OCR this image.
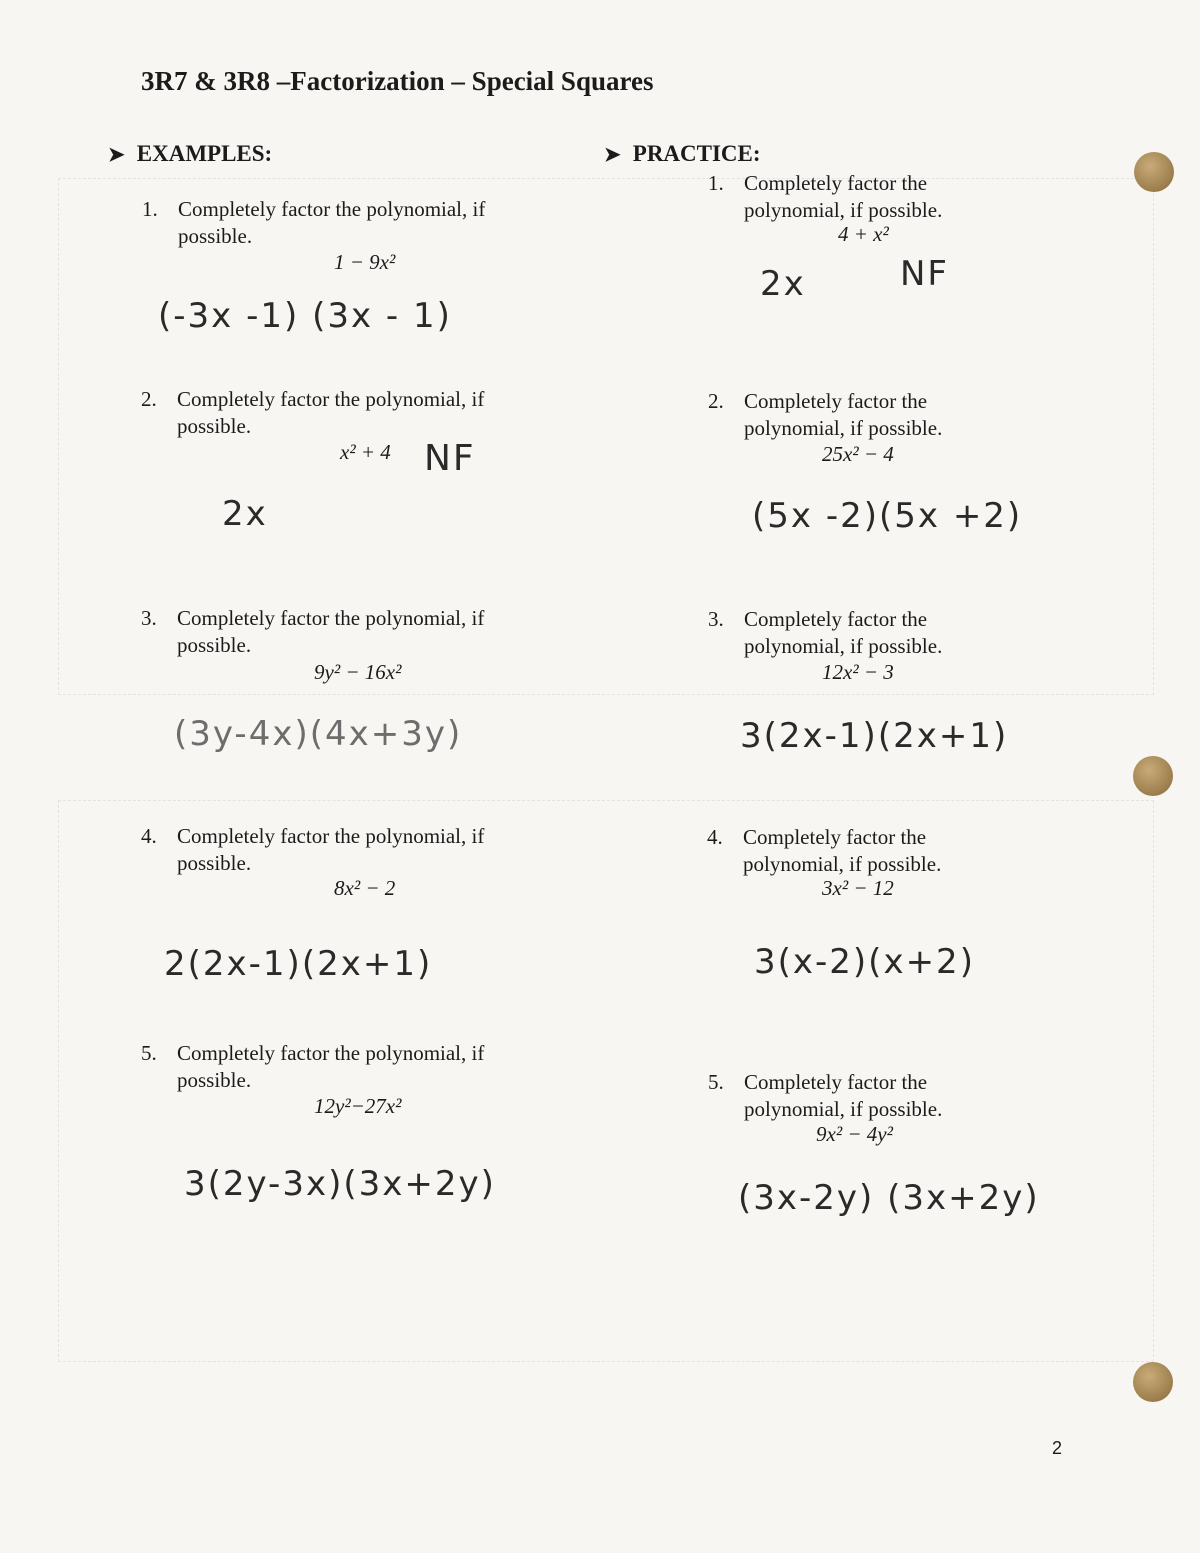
3R7 & 3R8 –Factorization – Special Squares
➤ EXAMPLES:	➤ PRACTICE:
1. Completely factor the polynomial, if possible.
1 − 9x²
(-3x -1) (3x - 1)
2. Completely factor the polynomial, if possible.
x² + 4 NF
2x
3. Completely factor the polynomial, if possible.
9y² − 16x²
(3y-4x)(4x+3y)
4. Completely factor the polynomial, if possible.
8x² − 2
2(2x-1)(2x+1)
5. Completely factor the polynomial, if possible.
12y²−27x²
3(2y-3x)(3x+2y)
1. Completely factor the polynomial, if possible.
4 + x²
2x	NF
2. Completely factor the polynomial, if possible.
25x² − 4
(5x -2)(5x +2)
3. Completely factor the polynomial, if possible.
12x² − 3
3(2x-1)(2x+1)
4. Completely factor the polynomial, if possible.
3x² − 12
3(x-2)(x+2)
5. Completely factor the polynomial, if possible.
9x² − 4y²
(3x-2y) (3x+2y)
2
